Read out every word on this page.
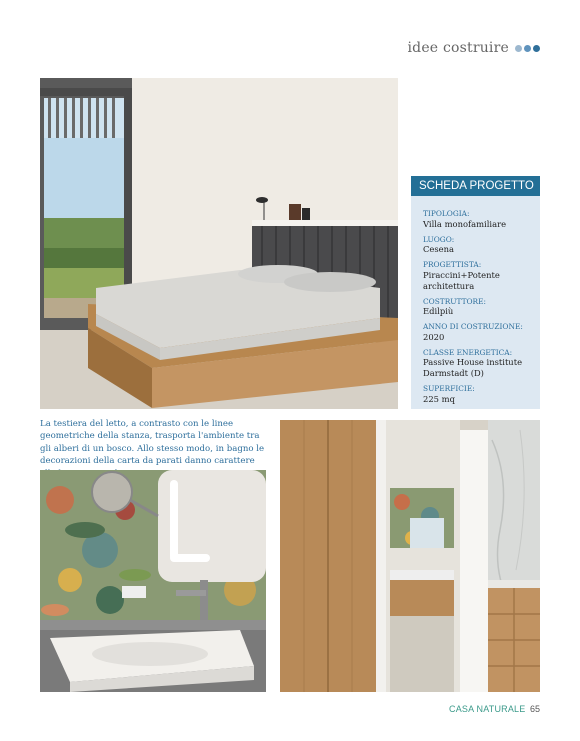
idee costruire
SCHEDA PROGETTO
TIPOLOGIA:
Villa monofamiliare
LUOGO:
Cesena
PROGETTISTA:
Piraccini+Potente architettura
COSTRUTTORE:
Edilpiù
ANNO DI COSTRUZIONE:
2020
CLASSE ENERGETICA:
Passive House institute Darmstadt (D)
SUPERFICIE:
225 mq

La testiera del letto, a contrasto con le linee geometriche della stanza, trasporta l'ambiente tra gli alberi di un bosco. Allo stesso modo, in bagno le decorazioni della carta da parati danno carattere

CASA NATURALE 65
